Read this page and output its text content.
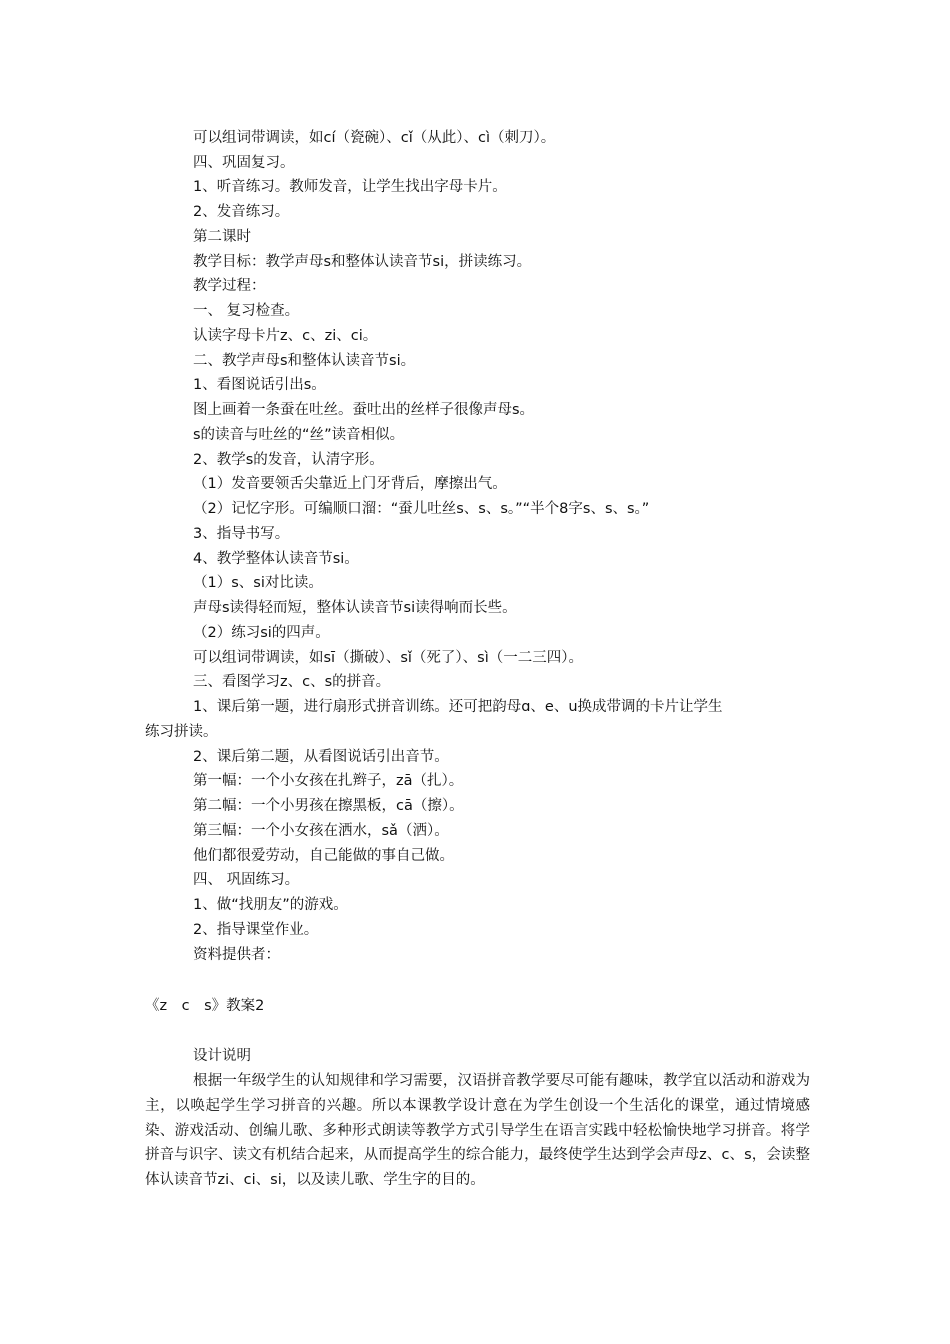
可以组词带调读，如cí（瓷碗）、cǐ（从此）、cì（刺刀）。
四、巩固复习。
1、听音练习。教师发音，让学生找出字母卡片。
2、发音练习。
第二课时
教学目标：教学声母s和整体认读音节si，拼读练习。
教学过程：
一、 复习检查。
认读字母卡片z、c、zi、ci。
二、教学声母s和整体认读音节si。
1、看图说话引出s。
图上画着一条蚕在吐丝。蚕吐出的丝样子很像声母s。
s的读音与吐丝的“丝”读音相似。
2、教学s的发音，认清字形。
（1）发音要领舌尖靠近上门牙背后，摩擦出气。
（2）记忆字形。可编顺口溜：“蚕儿吐丝s、s、s。”“半个8字s、s、s。”
3、指导书写。
4、教学整体认读音节si。
（1）s、si对比读。
声母s读得轻而短，整体认读音节si读得响而长些。
（2）练习si的四声。
可以组词带调读，如sī（撕破）、sǐ（死了）、sì（一二三四）。
三、看图学习z、c、s的拼音。
1、课后第一题，进行扇形式拼音训练。还可把韵母ɑ、e、u换成带调的卡片让学生
练习拼读。
2、课后第二题，从看图说话引出音节。
第一幅：一个小女孩在扎辫子，zā（扎）。
第二幅：一个小男孩在擦黑板，cā（擦）。
第三幅：一个小女孩在洒水，sǎ（洒）。
他们都很爱劳动，自己能做的事自己做。
四、 巩固练习。
1、做“找朋友”的游戏。
2、指导课堂作业。
资料提供者：
《z　c　s》教案2
设计说明
根据一年级学生的认知规律和学习需要，汉语拼音教学要尽可能有趣味，教学宜以活动和游戏为主，以唤起学生学习拼音的兴趣。所以本课教学设计意在为学生创设一个生活化的课堂，通过情境感染、游戏活动、创编儿歌、多种形式朗读等教学方式引导学生在语言实践中轻松愉快地学习拼音。将学拼音与识字、读文有机结合起来，从而提高学生的综合能力，最终使学生达到学会声母z、c、s，会读整体认读音节zi、ci、si，以及读儿歌、学生字的目的。
